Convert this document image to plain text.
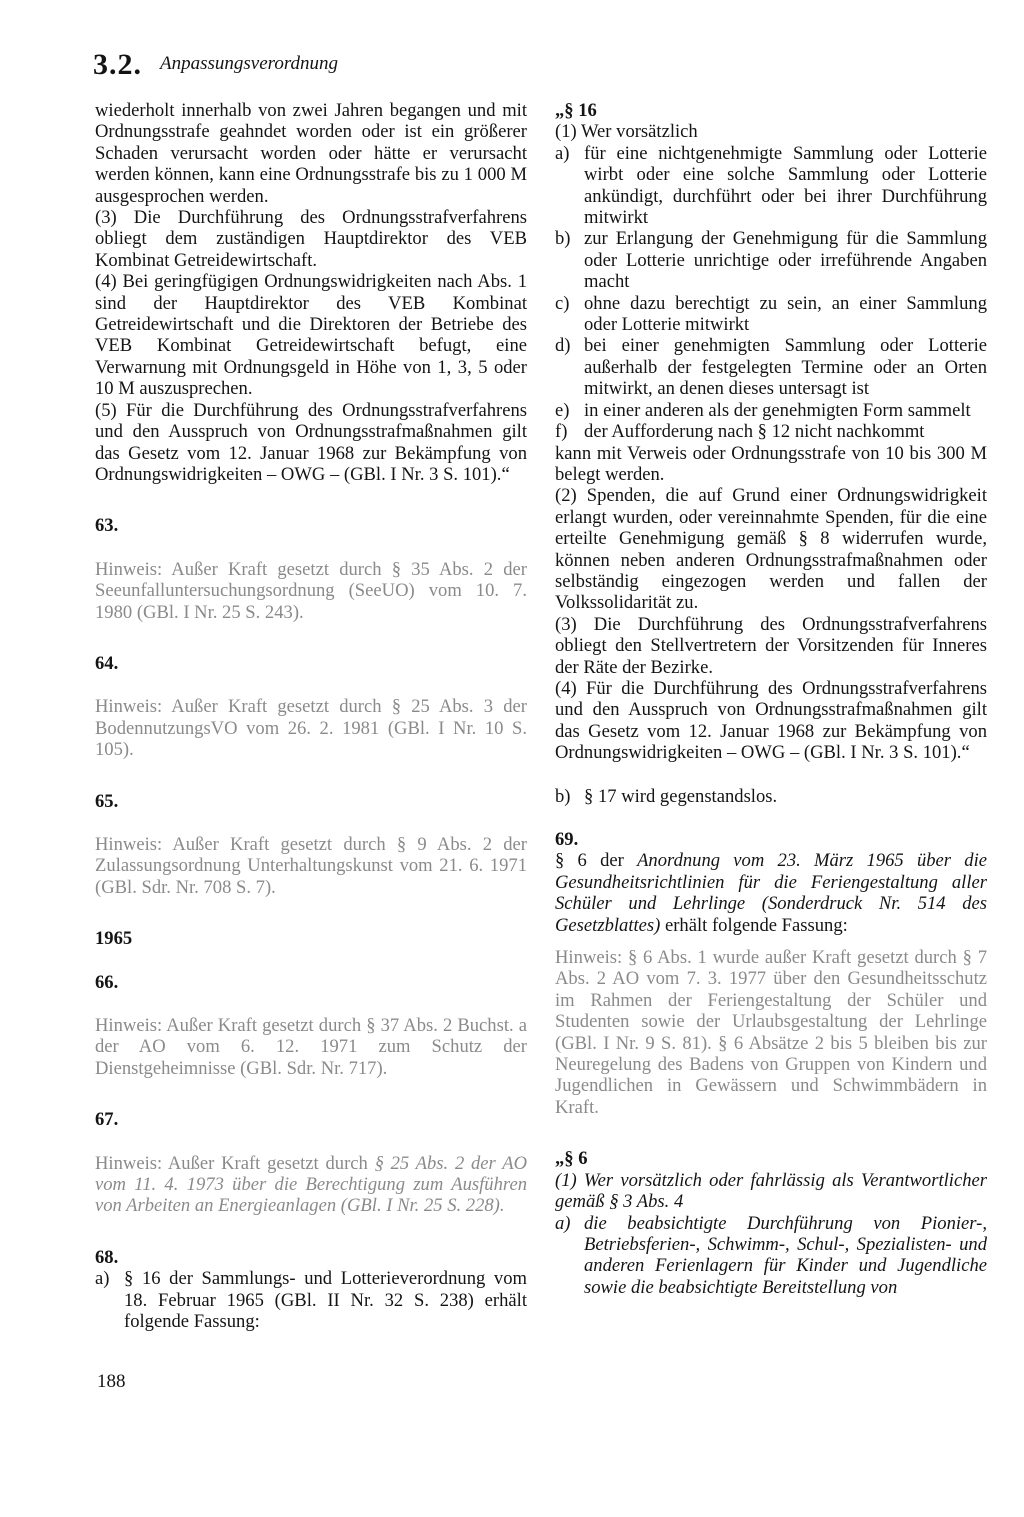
3.2. Anpassungsverordnung

wiederholt innerhalb von zwei Jahren begangen und mit Ordnungsstrafe geahndet worden oder ist ein größerer Schaden verursacht worden oder hätte er verursacht werden können, kann eine Ordnungsstrafe bis zu 1 000 M ausgesprochen werden.

(3) Die Durchführung des Ordnungsstrafverfahrens obliegt dem zuständigen Hauptdirektor des VEB Kombinat Getreidewirtschaft.

(4) Bei geringfügigen Ordnungswidrigkeiten nach Abs. 1 sind der Hauptdirektor des VEB Kombinat Getreidewirtschaft und die Direktoren der Betriebe des VEB Kombinat Getreidewirtschaft befugt, eine Verwarnung mit Ordnungsgeld in Höhe von 1, 3, 5 oder 10 M auszusprechen.

(5) Für die Durchführung des Ordnungsstrafverfahrens und den Ausspruch von Ordnungsstrafmaßnahmen gilt das Gesetz vom 12. Januar 1968 zur Bekämpfung von Ordnungswidrigkeiten – OWG – (GBl. I Nr. 3 S. 101).“

63.

Hinweis: Außer Kraft gesetzt durch § 35 Abs. 2 der Seeunfalluntersuchungsordnung (SeeUO) vom 10. 7. 1980 (GBl. I Nr. 25 S. 243).

64.

Hinweis: Außer Kraft gesetzt durch § 25 Abs. 3 der BodennutzungsVO vom 26. 2. 1981 (GBl. I Nr. 10 S. 105).

65.

Hinweis: Außer Kraft gesetzt durch § 9 Abs. 2 der Zulassungsordnung Unterhaltungskunst vom 21. 6. 1971 (GBl. Sdr. Nr. 708 S. 7).

1965

66.

Hinweis: Außer Kraft gesetzt durch § 37 Abs. 2 Buchst. a der AO vom 6. 12. 1971 zum Schutz der Dienstgeheimnisse (GBl. Sdr. Nr. 717).

67.

Hinweis: Außer Kraft gesetzt durch § 25 Abs. 2 der AO vom 11. 4. 1973 über die Berechtigung zum Ausführen von Arbeiten an Energieanlagen (GBl. I Nr. 25 S. 228).

68.

a) § 16 der Sammlungs- und Lotterieverordnung vom 18. Februar 1965 (GBl. II Nr. 32 S. 238) erhält folgende Fassung:

„§ 16

(1) Wer vorsätzlich

a) für eine nichtgenehmigte Sammlung oder Lotterie wirbt oder eine solche Sammlung oder Lotterie ankündigt, durchführt oder bei ihrer Durchführung mitwirkt
b) zur Erlangung der Genehmigung für die Sammlung oder Lotterie unrichtige oder irreführende Angaben macht
c) ohne dazu berechtigt zu sein, an einer Sammlung oder Lotterie mitwirkt
d) bei einer genehmigten Sammlung oder Lotterie außerhalb der festgelegten Termine oder an Orten mitwirkt, an denen dieses untersagt ist
e) in einer anderen als der genehmigten Form sammelt
f) der Aufforderung nach § 12 nicht nachkommt

kann mit Verweis oder Ordnungsstrafe von 10 bis 300 M belegt werden.

(2) Spenden, die auf Grund einer Ordnungswidrigkeit erlangt wurden, oder vereinnahmte Spenden, für die eine erteilte Genehmigung gemäß § 8 widerrufen wurde, können neben anderen Ordnungsstrafmaßnahmen oder selbständig eingezogen werden und fallen der Volkssolidarität zu.

(3) Die Durchführung des Ordnungsstrafverfahrens obliegt den Stellvertretern der Vorsitzenden für Inneres der Räte der Bezirke.

(4) Für die Durchführung des Ordnungsstrafverfahrens und den Ausspruch von Ordnungsstrafmaßnahmen gilt das Gesetz vom 12. Januar 1968 zur Bekämpfung von Ordnungswidrigkeiten – OWG – (GBl. I Nr. 3 S. 101).“

b) § 17 wird gegenstandslos.

69.

§ 6 der Anordnung vom 23. März 1965 über die Gesundheitsrichtlinien für die Feriengestaltung aller Schüler und Lehrlinge (Sonderdruck Nr. 514 des Gesetzblattes) erhält folgende Fassung:

Hinweis: § 6 Abs. 1 wurde außer Kraft gesetzt durch § 7 Abs. 2 AO vom 7. 3. 1977 über den Gesundheitsschutz im Rahmen der Feriengestaltung der Schüler und Studenten sowie der Urlaubsgestaltung der Lehrlinge (GBl. I Nr. 9 S. 81). § 6 Absätze 2 bis 5 bleiben bis zur Neuregelung des Badens von Gruppen von Kindern und Jugendlichen in Gewässern und Schwimmbädern in Kraft.

„§ 6

(1) Wer vorsätzlich oder fahrlässig als Verantwortlicher gemäß § 3 Abs. 4

a) die beabsichtigte Durchführung von Pionier-, Betriebsferien-, Schwimm-, Schul-, Spezialisten- und anderen Ferienlagern für Kinder und Jugendliche sowie die beabsichtigte Bereitstellung von
188
